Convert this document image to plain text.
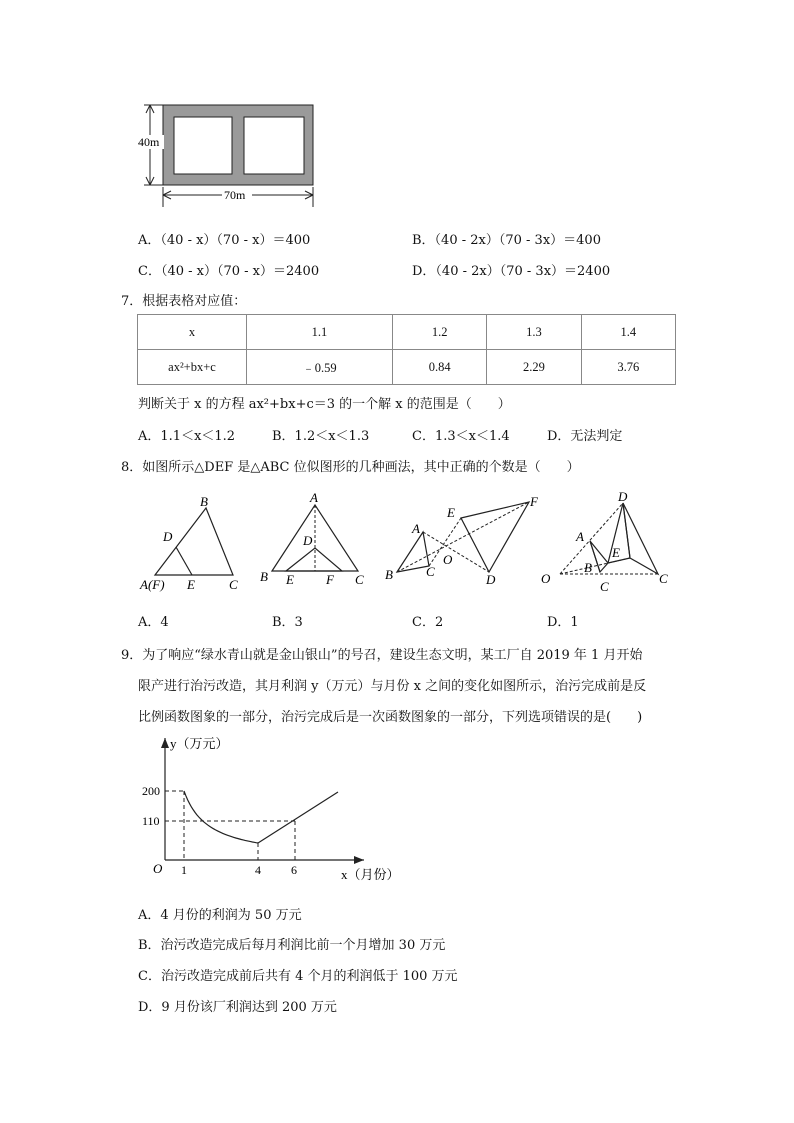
40m
70m
A．（40 - x）（70 - x）＝400	B．（40 - 2x）（70 - 3x）＝400
C．（40 - x）（70 - x）＝2400	D．（40 - 2x）（70 - 3x）＝2400
7．根据表格对应值：
x	1.1	1.2	1.3	1.4
ax²+bx+c	﹣0.59	0.84	2.29	3.76
判断关于 x 的方程 ax²+bx+c＝3 的一个解 x 的范围是（　　）
A．1.1＜x＜1.2	B．1.2＜x＜1.3	C．1.3＜x＜1.4	D．无法判定
8．如图所示△DEF 是△ABC 位似图形的几种画法，其中正确的个数是（　　）
B
D
A(F) E	C
A
D
B E F C
E
F
A
O
B	C
D
D
A
E
O
B
C
C
A．4	B．3	C．2	D．1
9．为了响应“绿水青山就是金山银山”的号召，建设生态文明，某工厂自 2019 年 1 月开始
限产进行治污改造，其月利润 y（万元）与月份 x 之间的变化如图所示，治污完成前是反
比例函数图象的一部分，治污完成后是一次函数图象的一部分，下列选项错误的是(　　)
y（万元）
x（月份）
O
200
110
1	4	6
A．4 月份的利润为 50 万元
B．治污改造完成后每月利润比前一个月增加 30 万元
C．治污改造完成前后共有 4 个月的利润低于 100 万元
D．9 月份该厂利润达到 200 万元
